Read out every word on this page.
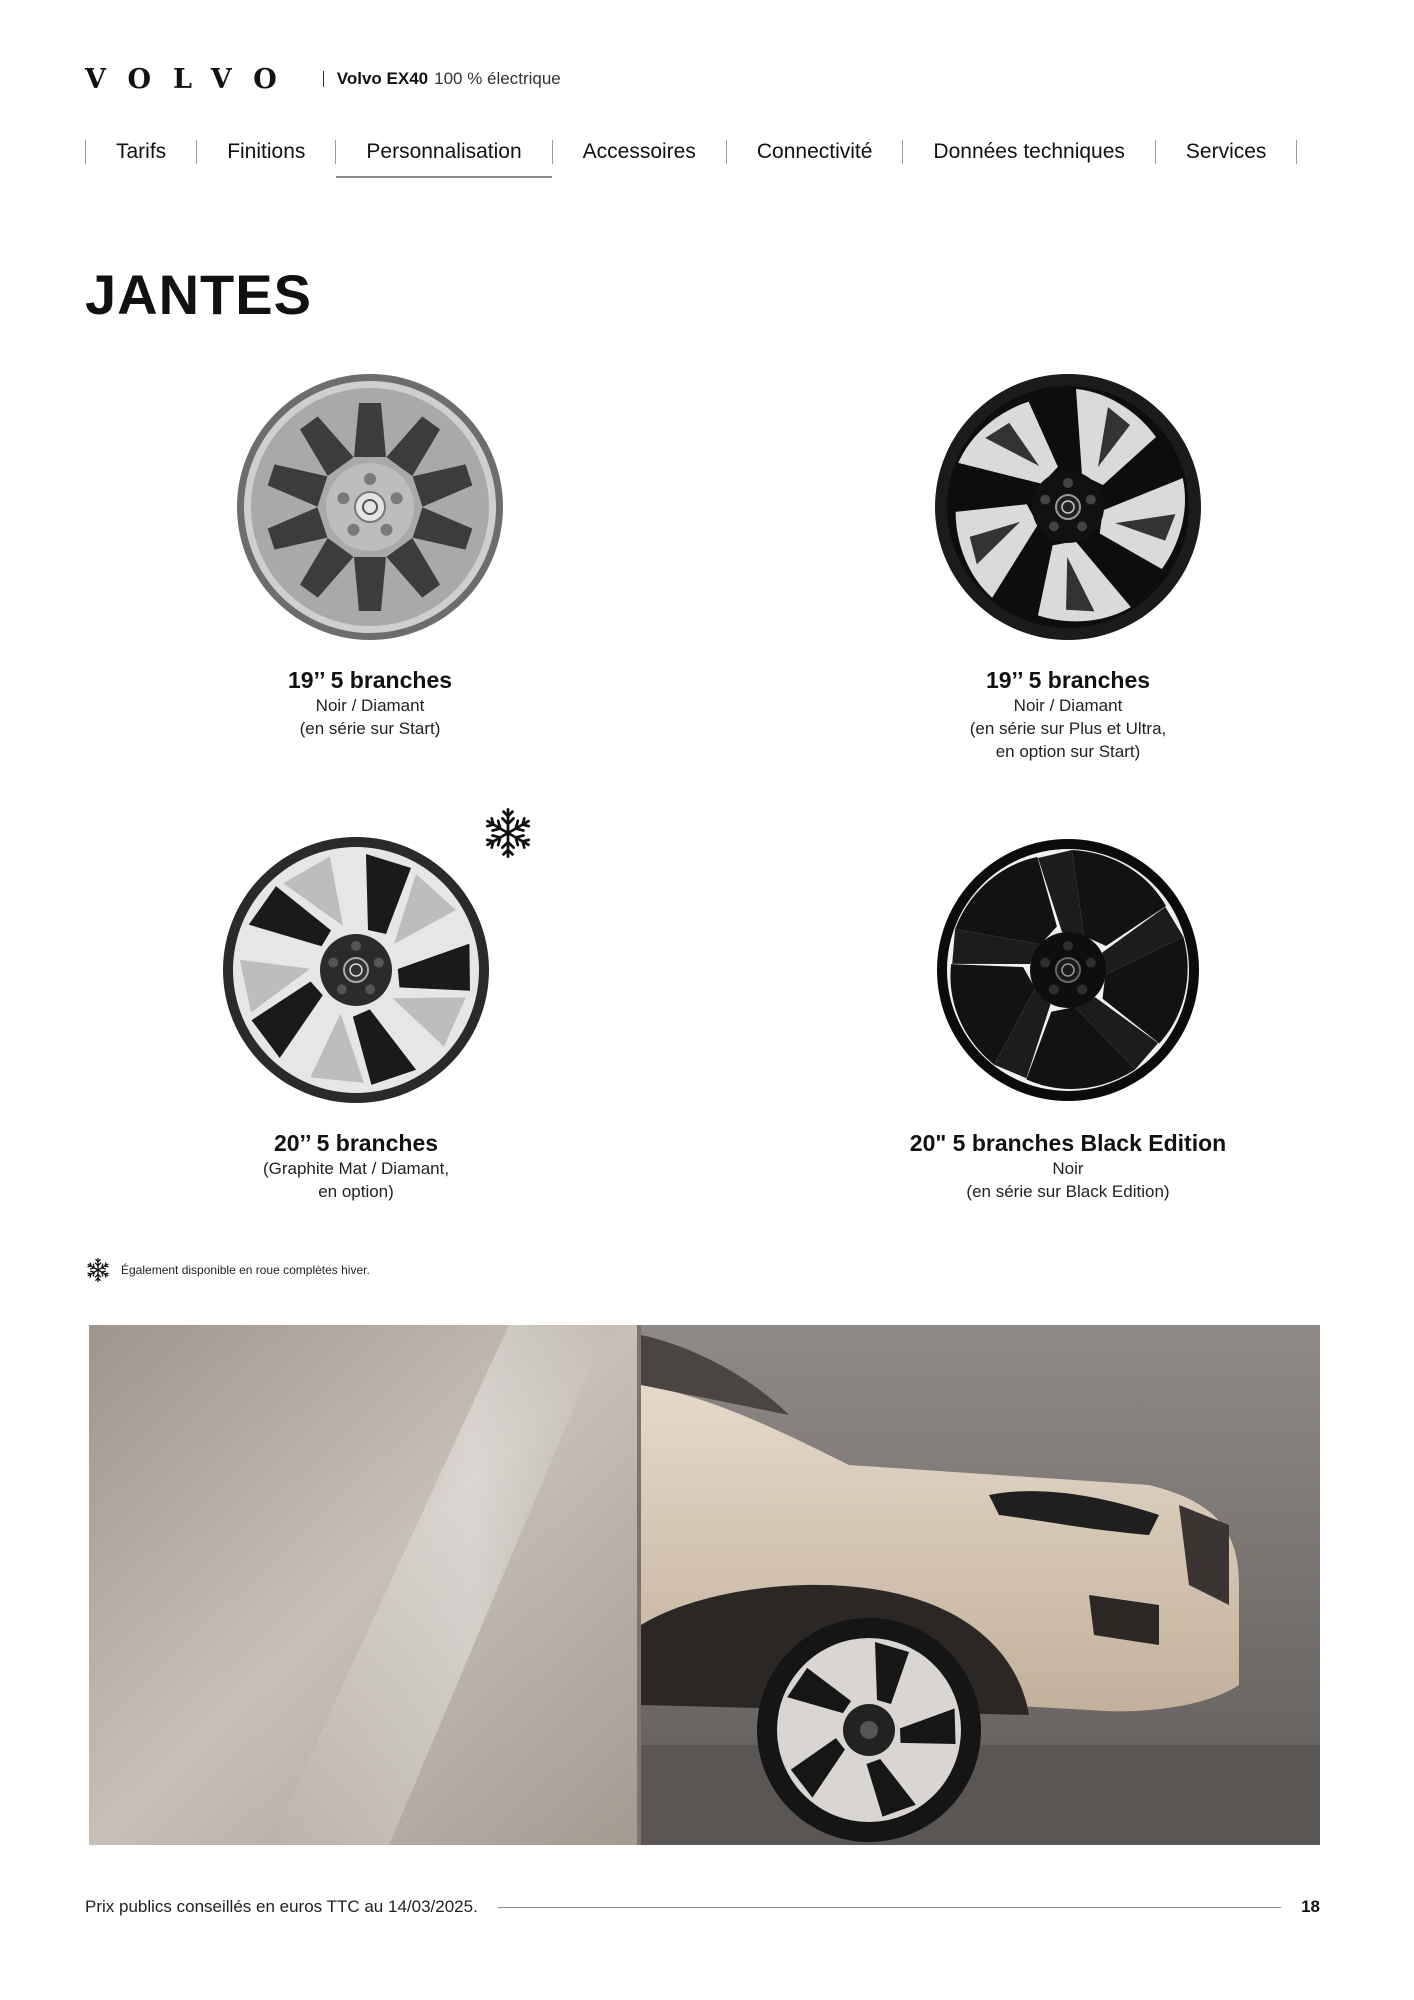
VOLVO Volvo EX40 100 % électrique
Tarifs	Finitions	Personnalisation	Accessoires	Connectivité	Données techniques	Services
JANTES
19’’ 5 branches
Noir / Diamant
(en série sur Start)
19’’ 5 branches
Noir / Diamant
(en série sur Plus et Ultra,
en option sur Start)
20’’ 5 branches
(Graphite Mat / Diamant,
en option)
20" 5 branches Black Edition
Noir
(en série sur Black Edition)
Également disponible en roue complètes hiver.
Prix publics conseillés en euros TTC au 14/03/2025.	18
